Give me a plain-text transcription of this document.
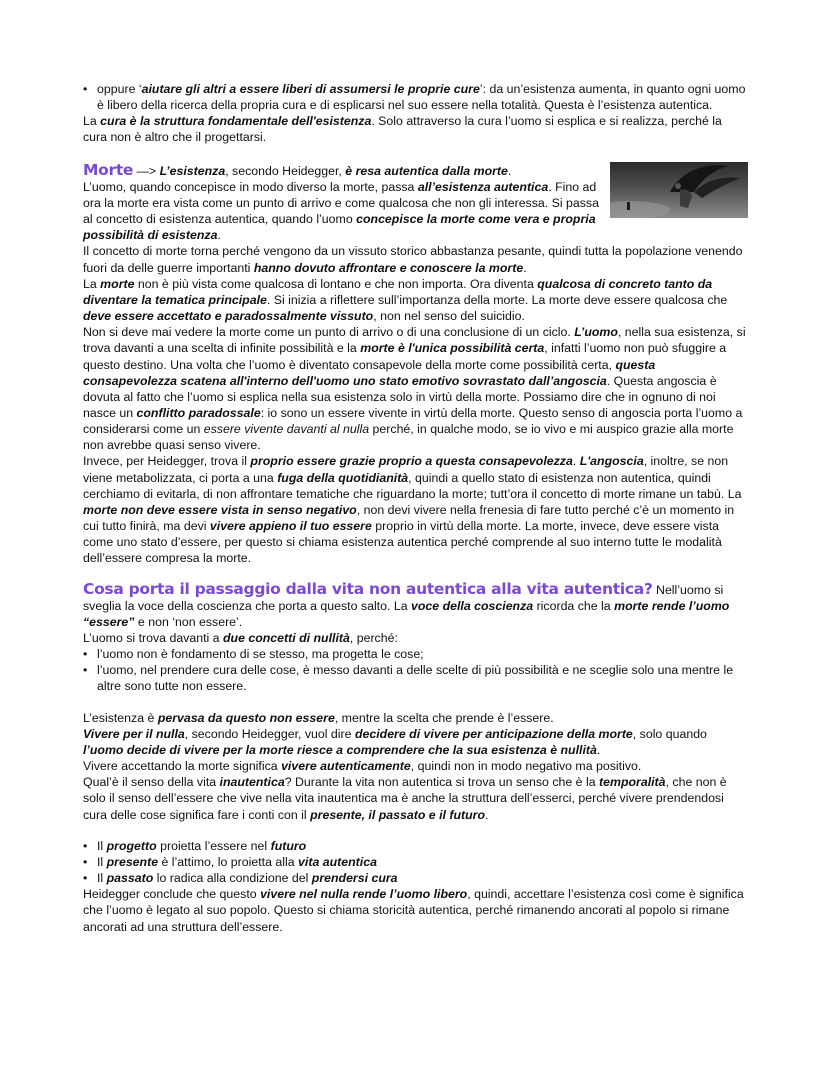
• oppure ‘aiutare gli altri a essere liberi di assumersi le proprie cure’: da un’esistenza aumenta, in quanto ogni uomo è libero della ricerca della propria cura e di esplicarsi nel suo essere nella totalità. Questa è l’esistenza autentica.

La cura è la struttura fondamentale dell'esistenza. Solo attraverso la cura l’uomo si esplica e si realizza, perché la cura non è altro che il progettarsi.

Morte —> L’esistenza, secondo Heidegger, è resa autentica dalla morte.

L’uomo, quando concepisce in modo diverso la morte, passa all’esistenza autentica. Fino ad ora la morte era vista come un punto di arrivo e come qualcosa che non gli interessa. Si passa al concetto di esistenza autentica, quando l’uomo concepisce la morte come vera e propria possibilità di esistenza.

Il concetto di morte torna perché vengono da un vissuto storico abbastanza pesante, quindi tutta la popolazione venendo fuori da delle guerre importanti hanno dovuto affrontare e conoscere la morte.

La morte non è più vista come qualcosa di lontano e che non importa. Ora diventa qualcosa di concreto tanto da diventare la tematica principale. Si inizia a riflettere sull’importanza della morte. La morte deve essere qualcosa che deve essere accettato e paradossalmente vissuto, non nel senso del suicidio.

Non si deve mai vedere la morte come un punto di arrivo o di una conclusione di un ciclo. L’uomo, nella sua esistenza, si trova davanti a una scelta di infinite possibilità e la morte è l'unica possibilità certa, infatti l’uomo non può sfuggire a questo destino. Una volta che l’uomo è diventato consapevole della morte come possibilità certa, questa consapevolezza scatena all'interno dell'uomo uno stato emotivo sovrastato dall’angoscia. Questa angoscia è dovuta al fatto che l’uomo si esplica nella sua esistenza solo in virtù della morte. Possiamo dire che in ognuno di noi nasce un conflitto paradossale: io sono un essere vivente in virtù della morte. Questo senso di angoscia porta l’uomo a considerarsi come un essere vivente davanti al nulla perché, in qualche modo, se io vivo e mi auspico grazie alla morte non avrebbe quasi senso vivere.

Invece, per Heidegger, trova il proprio essere grazie proprio a questa consapevolezza. L'angoscia, inoltre, se non viene metabolizzata, ci porta a una fuga della quotidianità, quindi a quello stato di esistenza non autentica, quindi cerchiamo di evitarla, di non affrontare tematiche che riguardano la morte; tutt’ora il concetto di morte rimane un tabù. La morte non deve essere vista in senso negativo, non devi vivere nella frenesia di fare tutto perché c’è un momento in cui tutto finirà, ma devi vivere appieno il tuo essere proprio in virtù della morte. La morte, invece, deve essere vista come uno stato d’essere, per questo si chiama esistenza autentica perché comprende al suo interno tutte le modalità dell’essere compresa la morte.

Cosa porta il passaggio dalla vita non autentica alla vita autentica? Nell’uomo si sveglia la voce della coscienza che porta a questo salto. La voce della coscienza ricorda che la morte rende l’uomo “essere” e non ‘non essere’.

L’uomo si trova davanti a due concetti di nullità, perché:

• l’uomo non è fondamento di se stesso, ma progetta le cose;

• l’uomo, nel prendere cura delle cose, è messo davanti a delle scelte di più possibilità e ne sceglie solo una mentre le altre sono tutte non essere.

L’esistenza è pervasa da questo non essere, mentre la scelta che prende è l’essere.

Vivere per il nulla, secondo Heidegger, vuol dire decidere di vivere per anticipazione della morte, solo quando l’uomo decide di vivere per la morte riesce a comprendere che la sua esistenza è nullità.

Vivere accettando la morte significa vivere autenticamente, quindi non in modo negativo ma positivo.

Qual’è il senso della vita inautentica? Durante la vita non autentica si trova un senso che è la temporalità, che non è solo il senso dell’essere che vive nella vita inautentica ma è anche la struttura dell’esserci, perché vivere prendendosi cura delle cose significa fare i conti con il presente, il passato e il futuro.

• Il progetto proietta l’essere nel futuro

• Il presente è l’attimo, lo proietta alla vita autentica

• Il passato lo radica alla condizione del prendersi cura

Heidegger conclude che questo vivere nel nulla rende l’uomo libero, quindi, accettare l’esistenza così come è significa che l’uomo è legato al suo popolo. Questo si chiama storicità autentica, perché rimanendo ancorati al popolo si rimane ancorati ad una struttura dell’essere.
